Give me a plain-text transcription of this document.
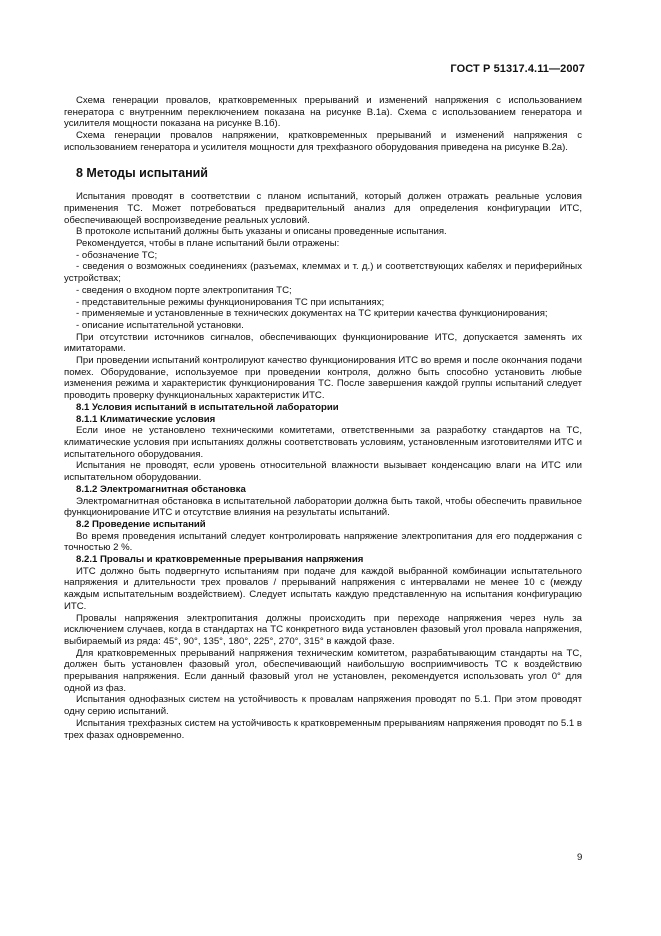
ГОСТ Р 51317.4.11—2007

Схема генерации провалов, кратковременных прерываний и изменений напряжения с использованием генератора с внутренним переключением показана на рисунке В.1а). Схема с использованием генератора и усилителя мощности показана на рисунке В.1б).

Схема генерации провалов напряжении, кратковременных прерываний и изменений напряжения с использованием генератора и усилителя мощности для трехфазного оборудования приведена на рисунке В.2а).

8 Методы испытаний

Испытания проводят в соответствии с планом испытаний, который должен отражать реальные условия применения ТС. Может потребоваться предварительный анализ для определения конфигурации ИТС, обеспечивающей воспроизведение реальных условий.

В протоколе испытаний должны быть указаны и описаны проведенные испытания.

Рекомендуется, чтобы в плане испытаний были отражены:

- обозначение ТС;

- сведения о возможных соединениях (разъемах, клеммах и т. д.) и соответствующих кабелях и периферийных устройствах;

- сведения о входном порте электропитания ТС;

- представительные режимы функционирования ТС при испытаниях;

- применяемые и установленные в технических документах на ТС критерии качества функционирования;

- описание испытательной установки.

При отсутствии источников сигналов, обеспечивающих функционирование ИТС, допускается заменять их имитаторами.

При проведении испытаний контролируют качество функционирования ИТС во время и после окончания подачи помех. Оборудование, используемое при проведении контроля, должно быть способно установить любые изменения режима и характеристик функционирования ТС. После завершения каждой группы испытаний следует проводить проверку функциональных характеристик ИТС.

8.1 Условия испытаний в испытательной лаборатории
8.1.1 Климатические условия

Если иное не установлено техническими комитетами, ответственными за разработку стандартов на ТС, климатические условия при испытаниях должны соответствовать условиям, установленным изготовителями ИТС и испытательного оборудования.

Испытания не проводят, если уровень относительной влажности вызывает конденсацию влаги на ИТС или испытательном оборудовании.

8.1.2 Электромагнитная обстановка

Электромагнитная обстановка в испытательной лаборатории должна быть такой, чтобы обеспечить правильное функционирование ИТС и отсутствие влияния на результаты испытаний.

8.2 Проведение испытаний

Во время проведения испытаний следует контролировать напряжение электропитания для его поддержания с точностью 2 %.

8.2.1 Провалы и кратковременные прерывания напряжения

ИТС должно быть подвергнуто испытаниям при подаче для каждой выбранной комбинации испытательного напряжения и длительности трех провалов / прерываний напряжения с интервалами не менее 10 с (между каждым испытательным воздействием). Следует испытать каждую представленную на испытания конфигурацию ИТС.

Провалы напряжения электропитания должны происходить при переходе напряжения через нуль за исключением случаев, когда в стандартах на ТС конкретного вида установлен фазовый угол провала напряжения, выбираемый из ряда: 45°, 90°, 135°, 180°, 225°, 270°, 315° в каждой фазе.

Для кратковременных прерываний напряжения техническим комитетом, разрабатывающим стандарты на ТС, должен быть установлен фазовый угол, обеспечивающий наибольшую восприимчивость ТС к воздействию прерывания напряжения. Если данный фазовый угол не установлен, рекомендуется использовать угол 0° для одной из фаз.

Испытания однофазных систем на устойчивость к провалам напряжения проводят по 5.1. При этом проводят одну серию испытаний.

Испытания трехфазных систем на устойчивость к кратковременным прерываниям напряжения проводят по 5.1 в трех фазах одновременно.

9
